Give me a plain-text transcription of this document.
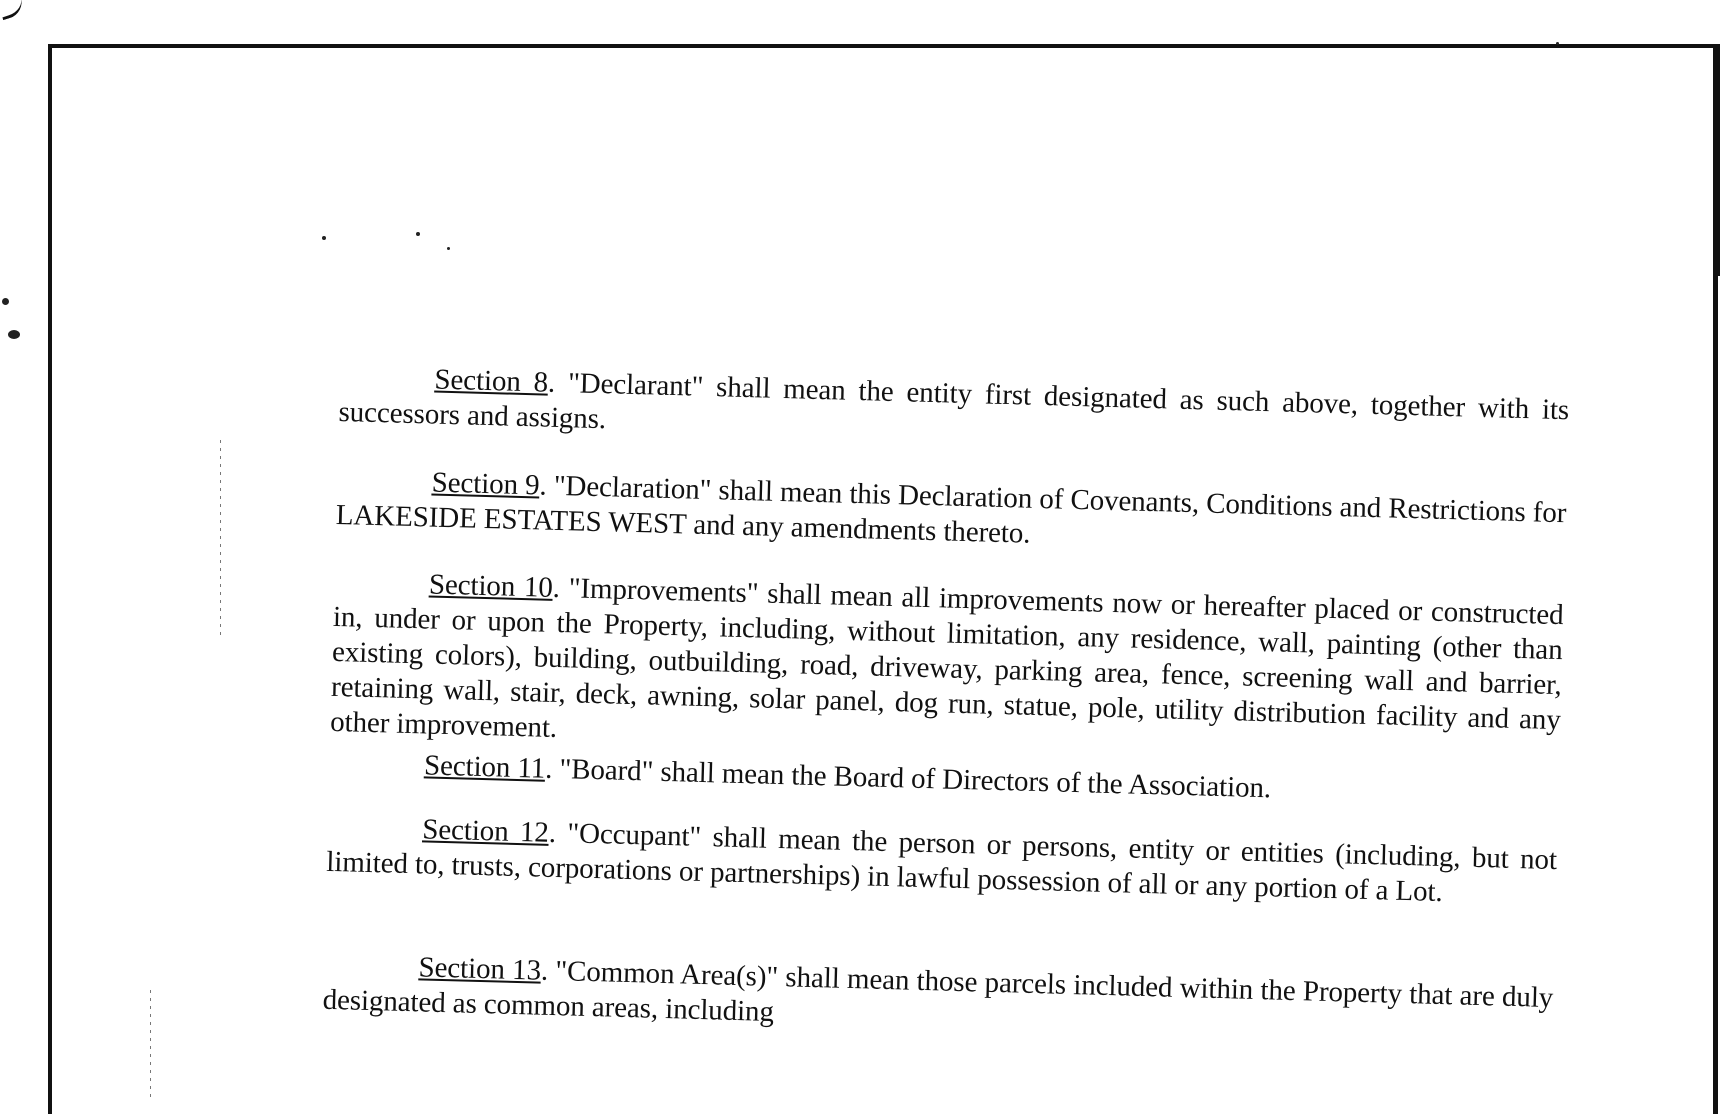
Section 8. "Declarant" shall mean the entity first designated as such above, together with its successors and assigns.

Section 9. "Declaration" shall mean this Declaration of Covenants, Conditions and Restrictions for LAKESIDE ESTATES WEST and any amendments thereto.

Section 10. "Improvements" shall mean all improvements now or hereafter placed or constructed in, under or upon the Property, including, without limitation, any residence, wall, painting (other than existing colors), building, outbuilding, road, driveway, parking area, fence, screening wall and barrier, retaining wall, stair, deck, awning, solar panel, dog run, statue, pole, utility distribution facility and any other improvement.

Section 11. "Board" shall mean the Board of Directors of the Association.

Section 12. "Occupant" shall mean the person or persons, entity or entities (including, but not limited to, trusts, corporations or partnerships) in lawful possession of all or any portion of a Lot.

Section 13. "Common Area(s)" shall mean those parcels included within the Property that are duly designated as common areas, including
